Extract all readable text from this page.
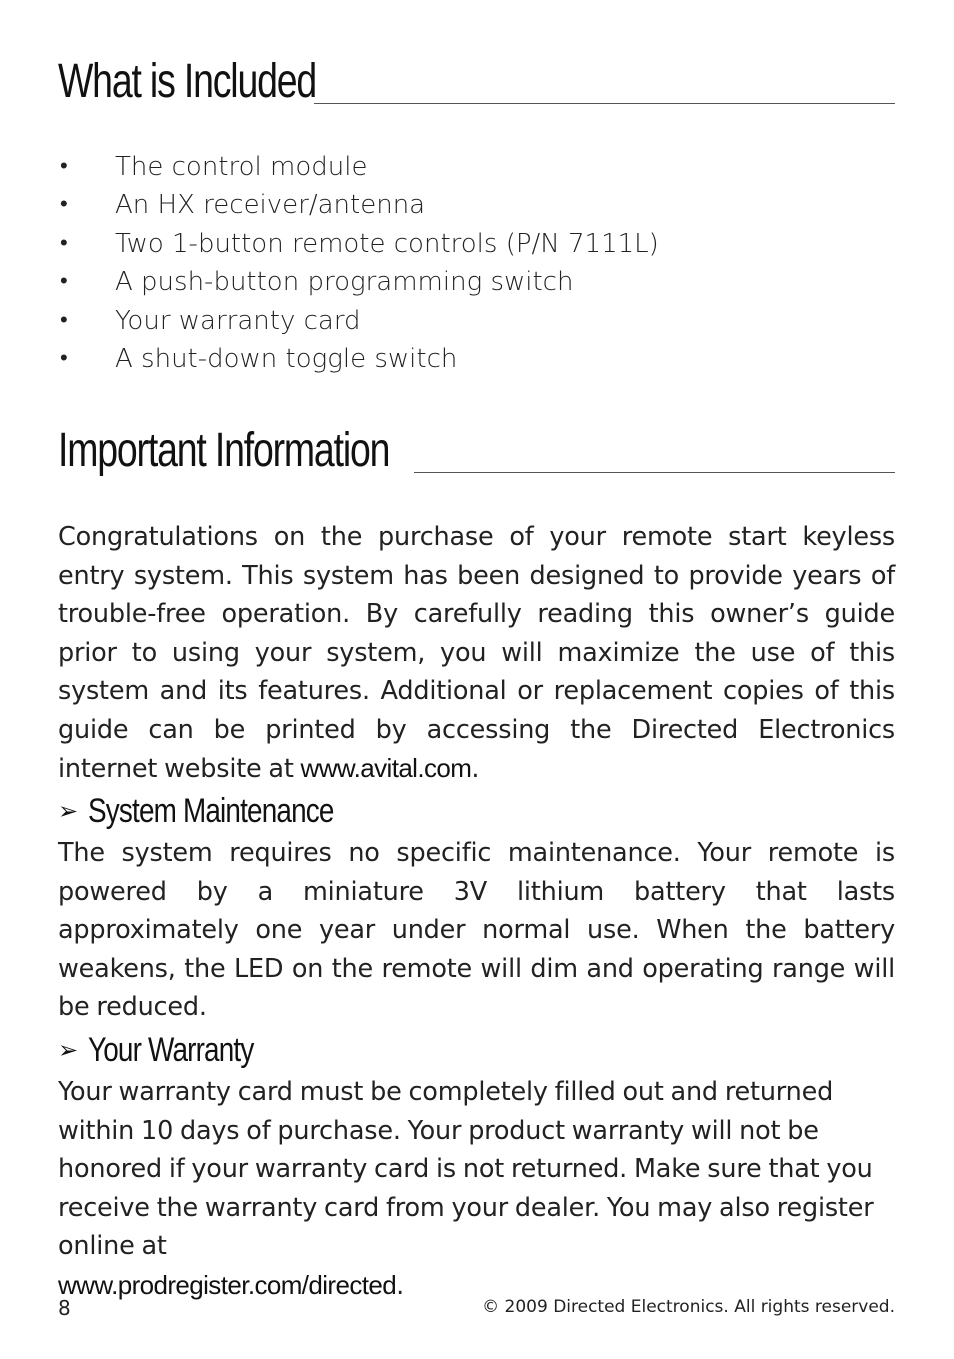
What is Included
• The control module
• An HX receiver/antenna
• Two 1-button remote controls (P/N 7111L)
• A push-button programming switch
• Your warranty card
• A shut-down toggle switch
Important Information

Congratulations on the purchase of your remote start keyless entry system. This system has been designed to provide years of trouble-free operation. By carefully reading this owner’s guide prior to using your system, you will maximize the use of this system and its features. Additional or replacement copies of this guide can be printed by accessing the Directed Electronics internet website at www.avital.com.

➢ System Maintenance

The system requires no specific maintenance. Your remote is powered by a miniature 3V lithium battery that lasts approximately one year under normal use. When the battery weakens, the LED on the remote will dim and operating range will be reduced.

➢ Your Warranty

Your warranty card must be completely filled out and returned within 10 days of purchase. Your product warranty will not be honored if your warranty card is not returned. Make sure that you receive the warranty card from your dealer. You may also register online at
www.prodregister.com/directed.

8	© 2009 Directed Electronics. All rights reserved.
